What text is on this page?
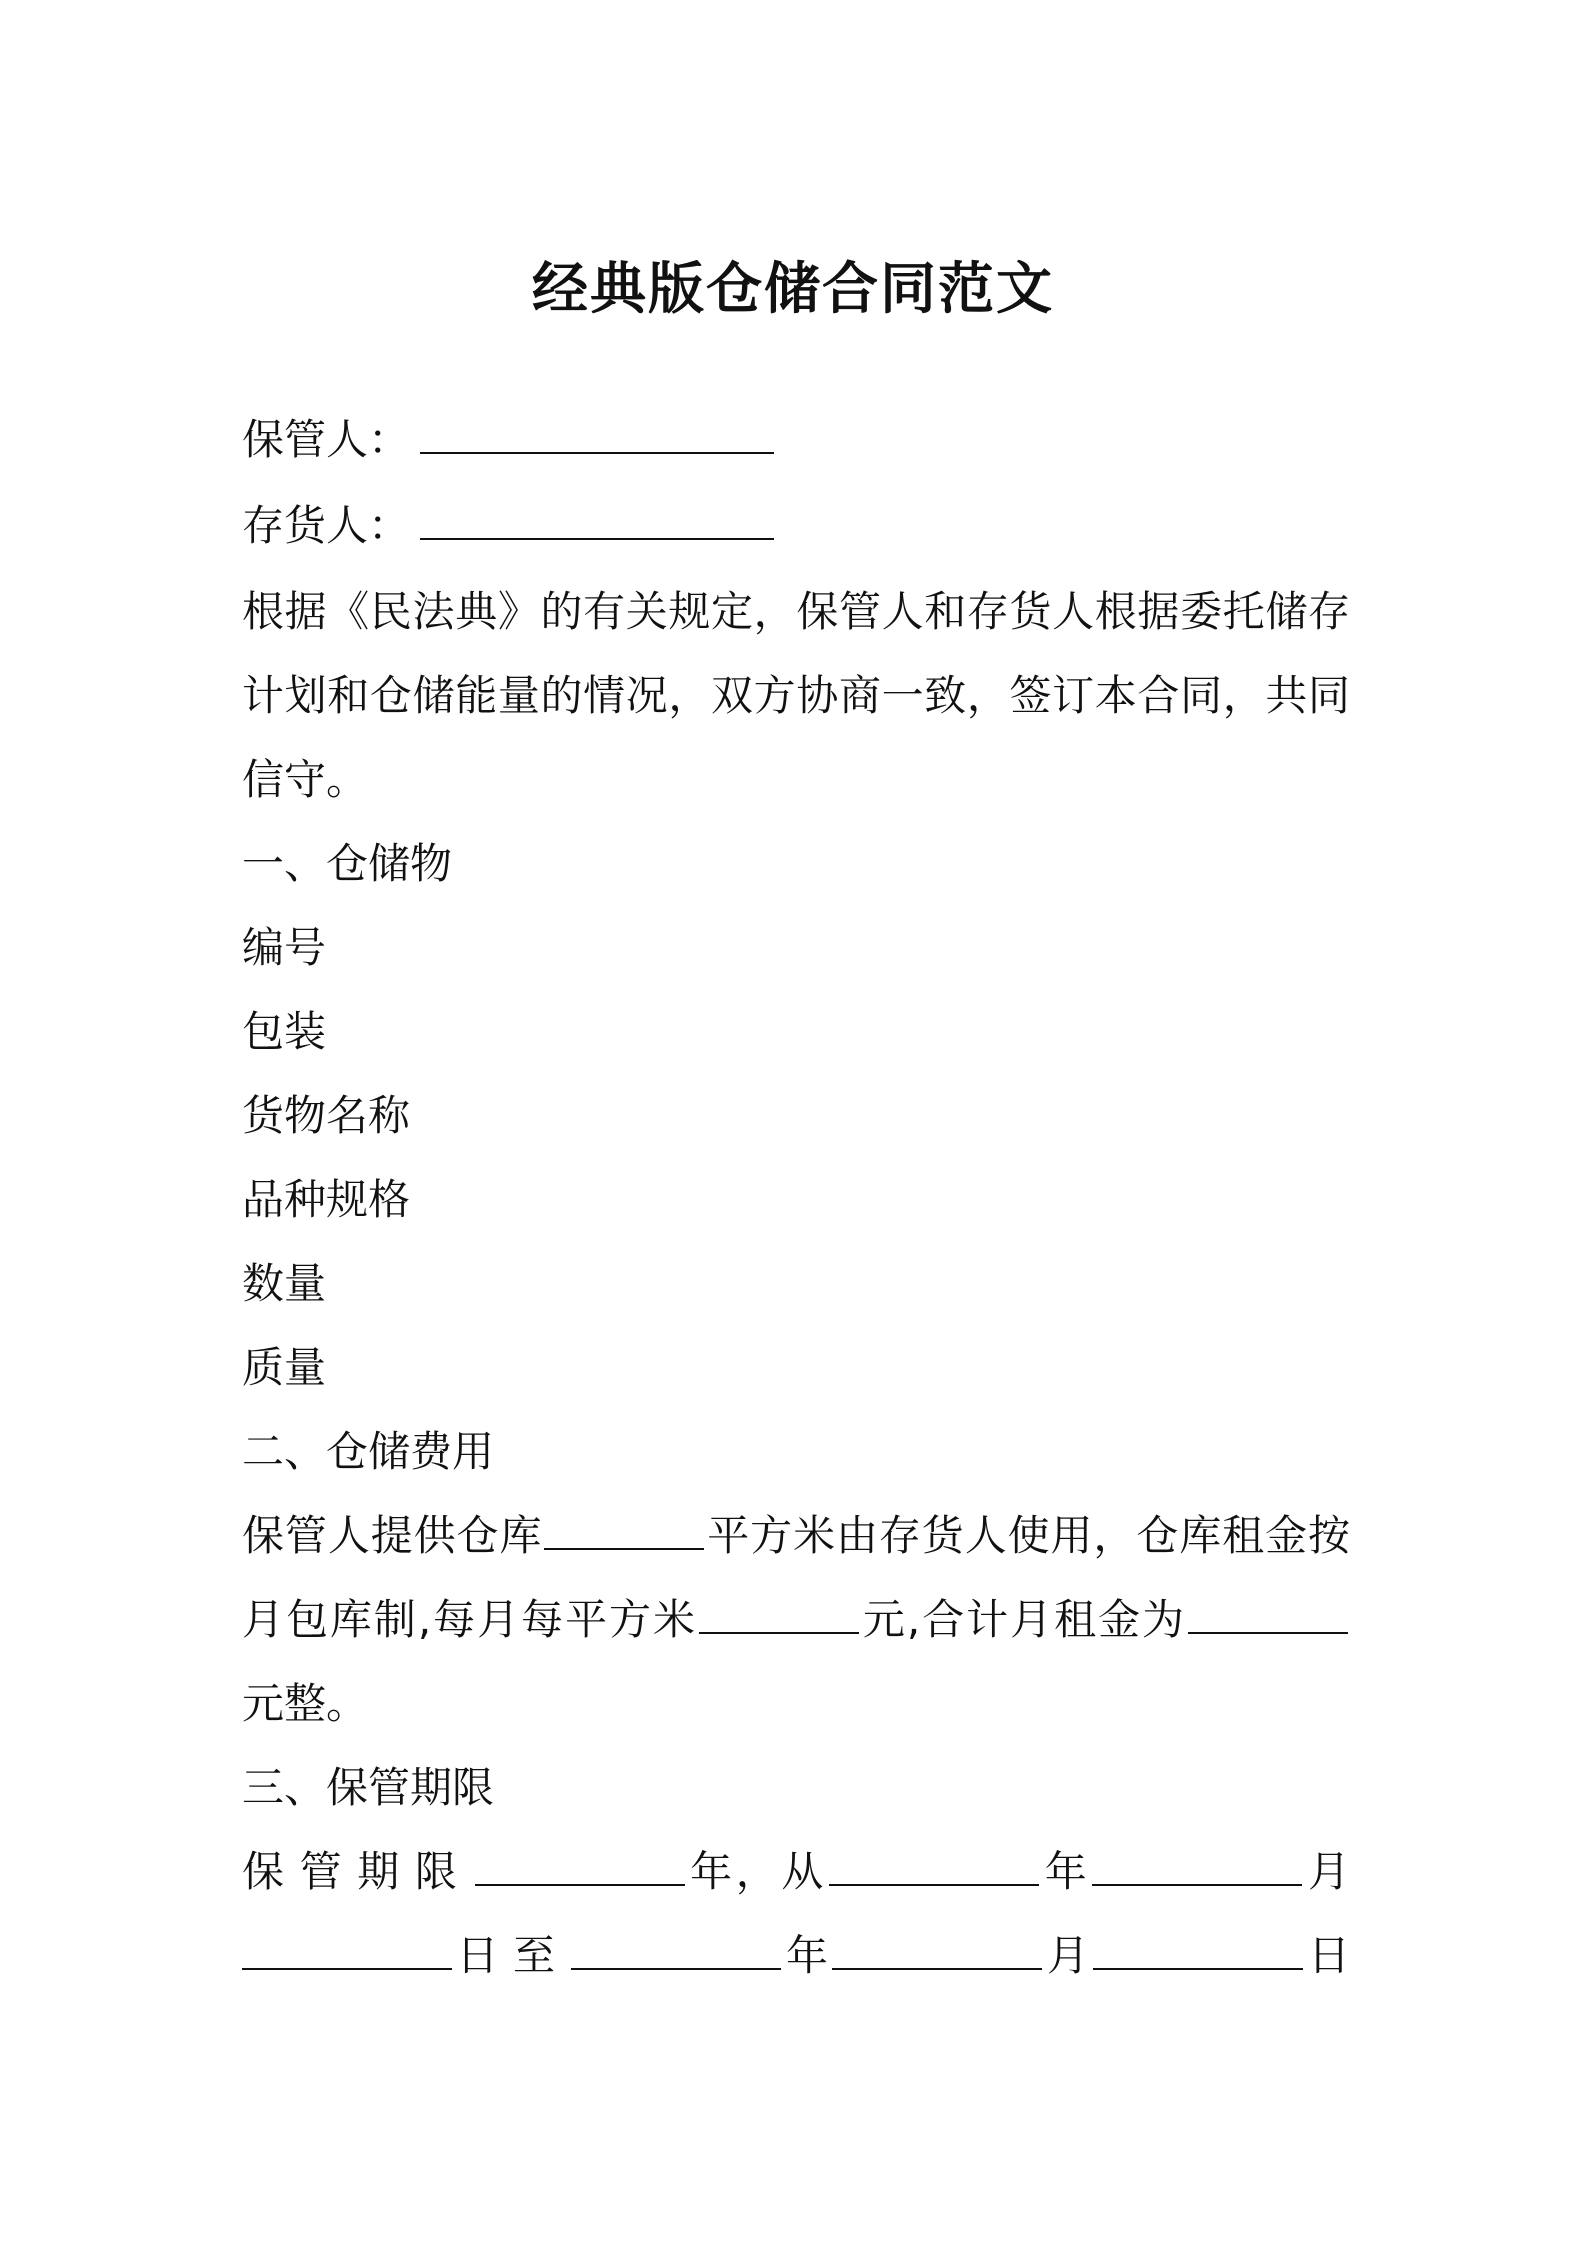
经典版仓储合同范文
保管人：
存货人：
根据《民法典》的有关规定，保管人和存货人根据委托储存
计划和仓储能量的情况，双方协商一致，签订本合同，共同
信守。
一、仓储物
编号
包装
货物名称
品种规格
数量
质量
二、仓储费用
保管人提供仓库	平方米由存货人使用，仓库租金按
月包库制,每月每平方米	元,合计月租金为
元整。
三、保管期限
保管期限	年，从	年	月
日至	年	月	日
